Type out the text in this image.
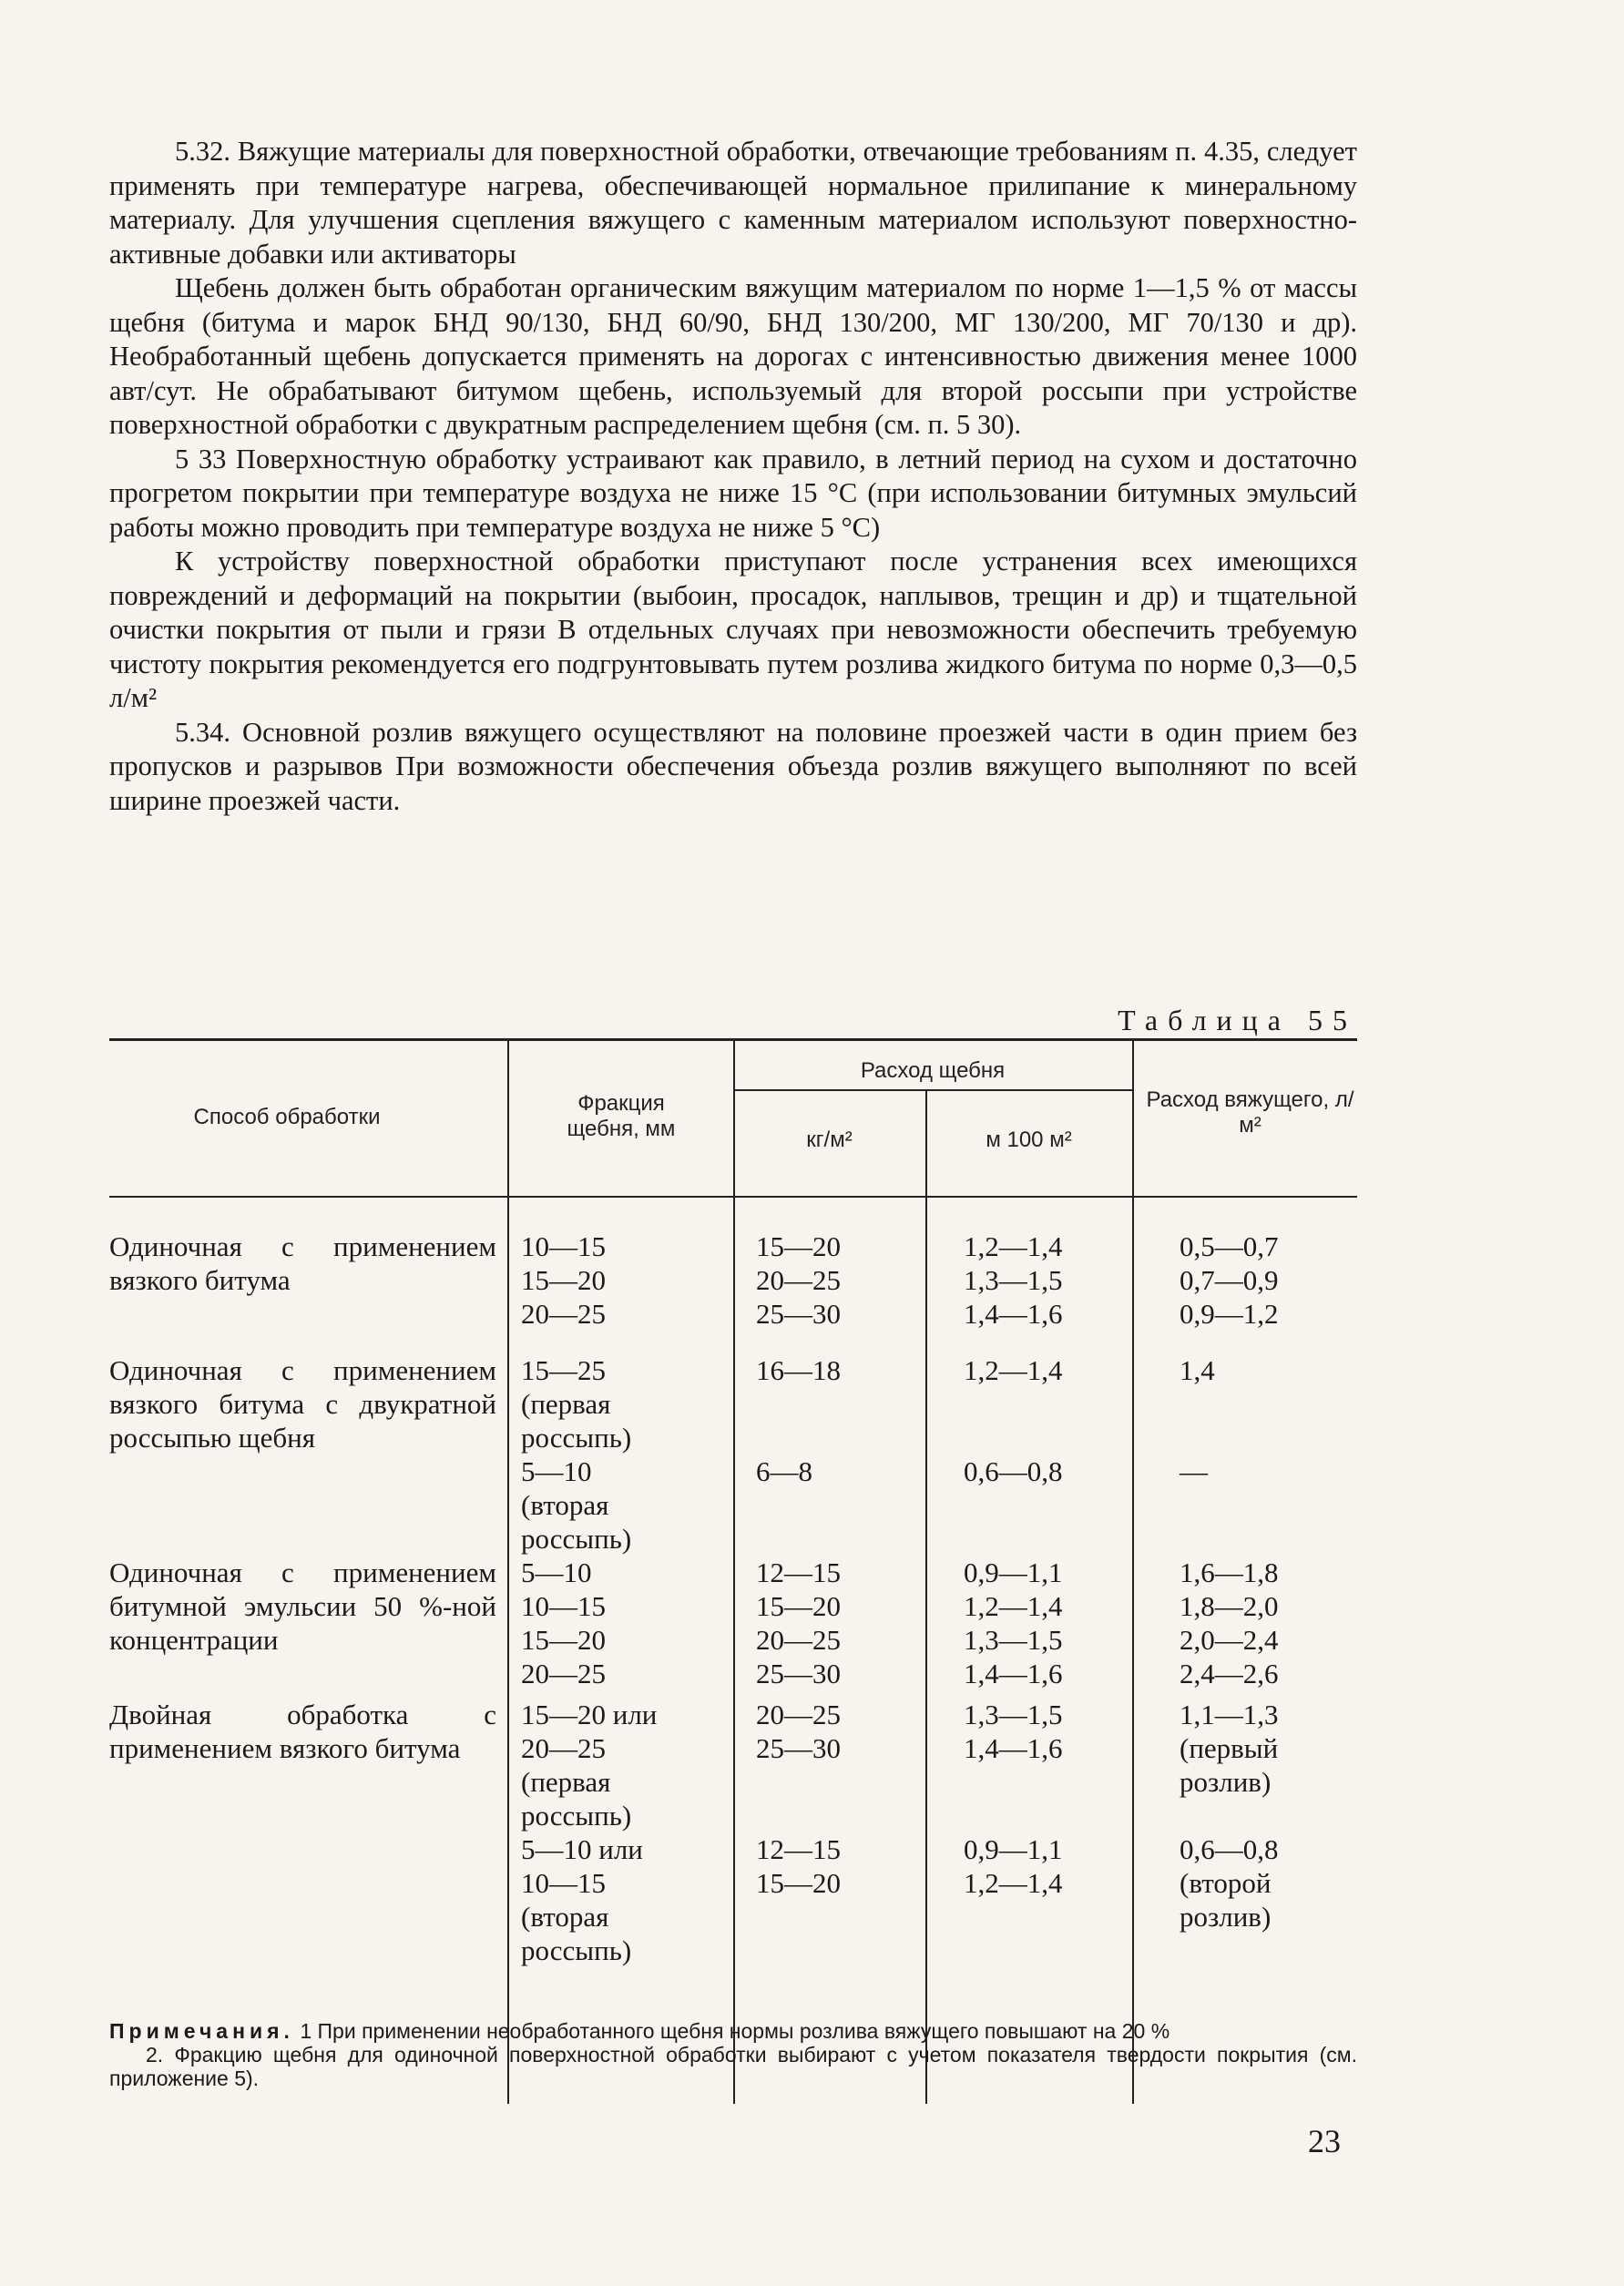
5.32. Вяжущие материалы для поверхностной обработки, отвечающие требованиям п. 4.35, следует применять при температуре нагрева, обеспечивающей нормальное прилипание к минеральному материалу. Для улучшения сцепления вяжущего с каменным материалом используют поверхностно-активные добавки или активаторы

Щебень должен быть обработан органическим вяжущим материалом по норме 1—1,5 % от массы щебня (битума и марок БНД 90/130, БНД 60/90, БНД 130/200, МГ 130/200, МГ 70/130 и др). Необработанный щебень допускается применять на дорогах с интенсивностью движения менее 1000 авт/сут. Не обрабатывают битумом щебень, используемый для второй россыпи при устройстве поверхностной обработки с двукратным распределением щебня (см. п. 5 30).

5 33 Поверхностную обработку устраивают как правило, в летний период на сухом и достаточно прогретом покрытии при температуре воздуха не ниже 15 °С (при использовании битумных эмульсий работы можно проводить при температуре воздуха не ниже 5 °С)

К устройству поверхностной обработки приступают после устранения всех имеющихся повреждений и деформаций на покрытии (выбоин, просадок, наплывов, трещин и др) и тщательной очистки покрытия от пыли и грязи В отдельных случаях при невозможности обеспечить требуемую чистоту покрытия рекомендуется его подгрунтовывать путем розлива жидкого битума по норме 0,3—0,5 л/м²

5.34. Основной розлив вяжущего осуществляют на половине проезжей части в один прием без пропусков и разрывов При возможности обеспечения объезда розлив вяжущего выполняют по всей ширине проезжей части.

Таблица 55
Способ обработки
Фракция щебня, мм
Расход щебня
кг/м²	м 100 м²
Расход вяжущего, л/м²
Одиночная с применением вязкого битума
10—15
15—20
20—25
15—20
20—25
25—30
1,2—1,4
1,3—1,5
1,4—1,6
0,5—0,7
0,7—0,9
0,9—1,2
Одиночная с применением вязкого битума с двукратной россыпью щебня
15—25
(первая
россыпь)
5—10
(вторая
россыпь)
16—18

6—8
1,2—1,4

0,6—0,8
1,4

—
Одиночная с применением битумной эмульсии 50 %-ной концентрации
5—10
10—15
15—20
20—25
12—15
15—20
20—25
25—30
0,9—1,1
1,2—1,4
1,3—1,5
1,4—1,6
1,6—1,8
1,8—2,0
2,0—2,4
2,4—2,6
Двойная обработка с применением вязкого битума
15—20 или
20—25
(первая
россыпь)
5—10 или
10—15
(вторая
россыпь)
20—25
25—30

12—15
15—20
1,3—1,5
1,4—1,6

0,9—1,1
1,2—1,4
1,1—1,3
(первый
розлив)

0,6—0,8
(второй
розлив)

Примечания. 1 При применении необработанного щебня нормы розлива вяжущего повышают на 20 %

2. Фракцию щебня для одиночной поверхностной обработки выбирают с учетом показателя твердости покрытия (см. приложение 5).

23
